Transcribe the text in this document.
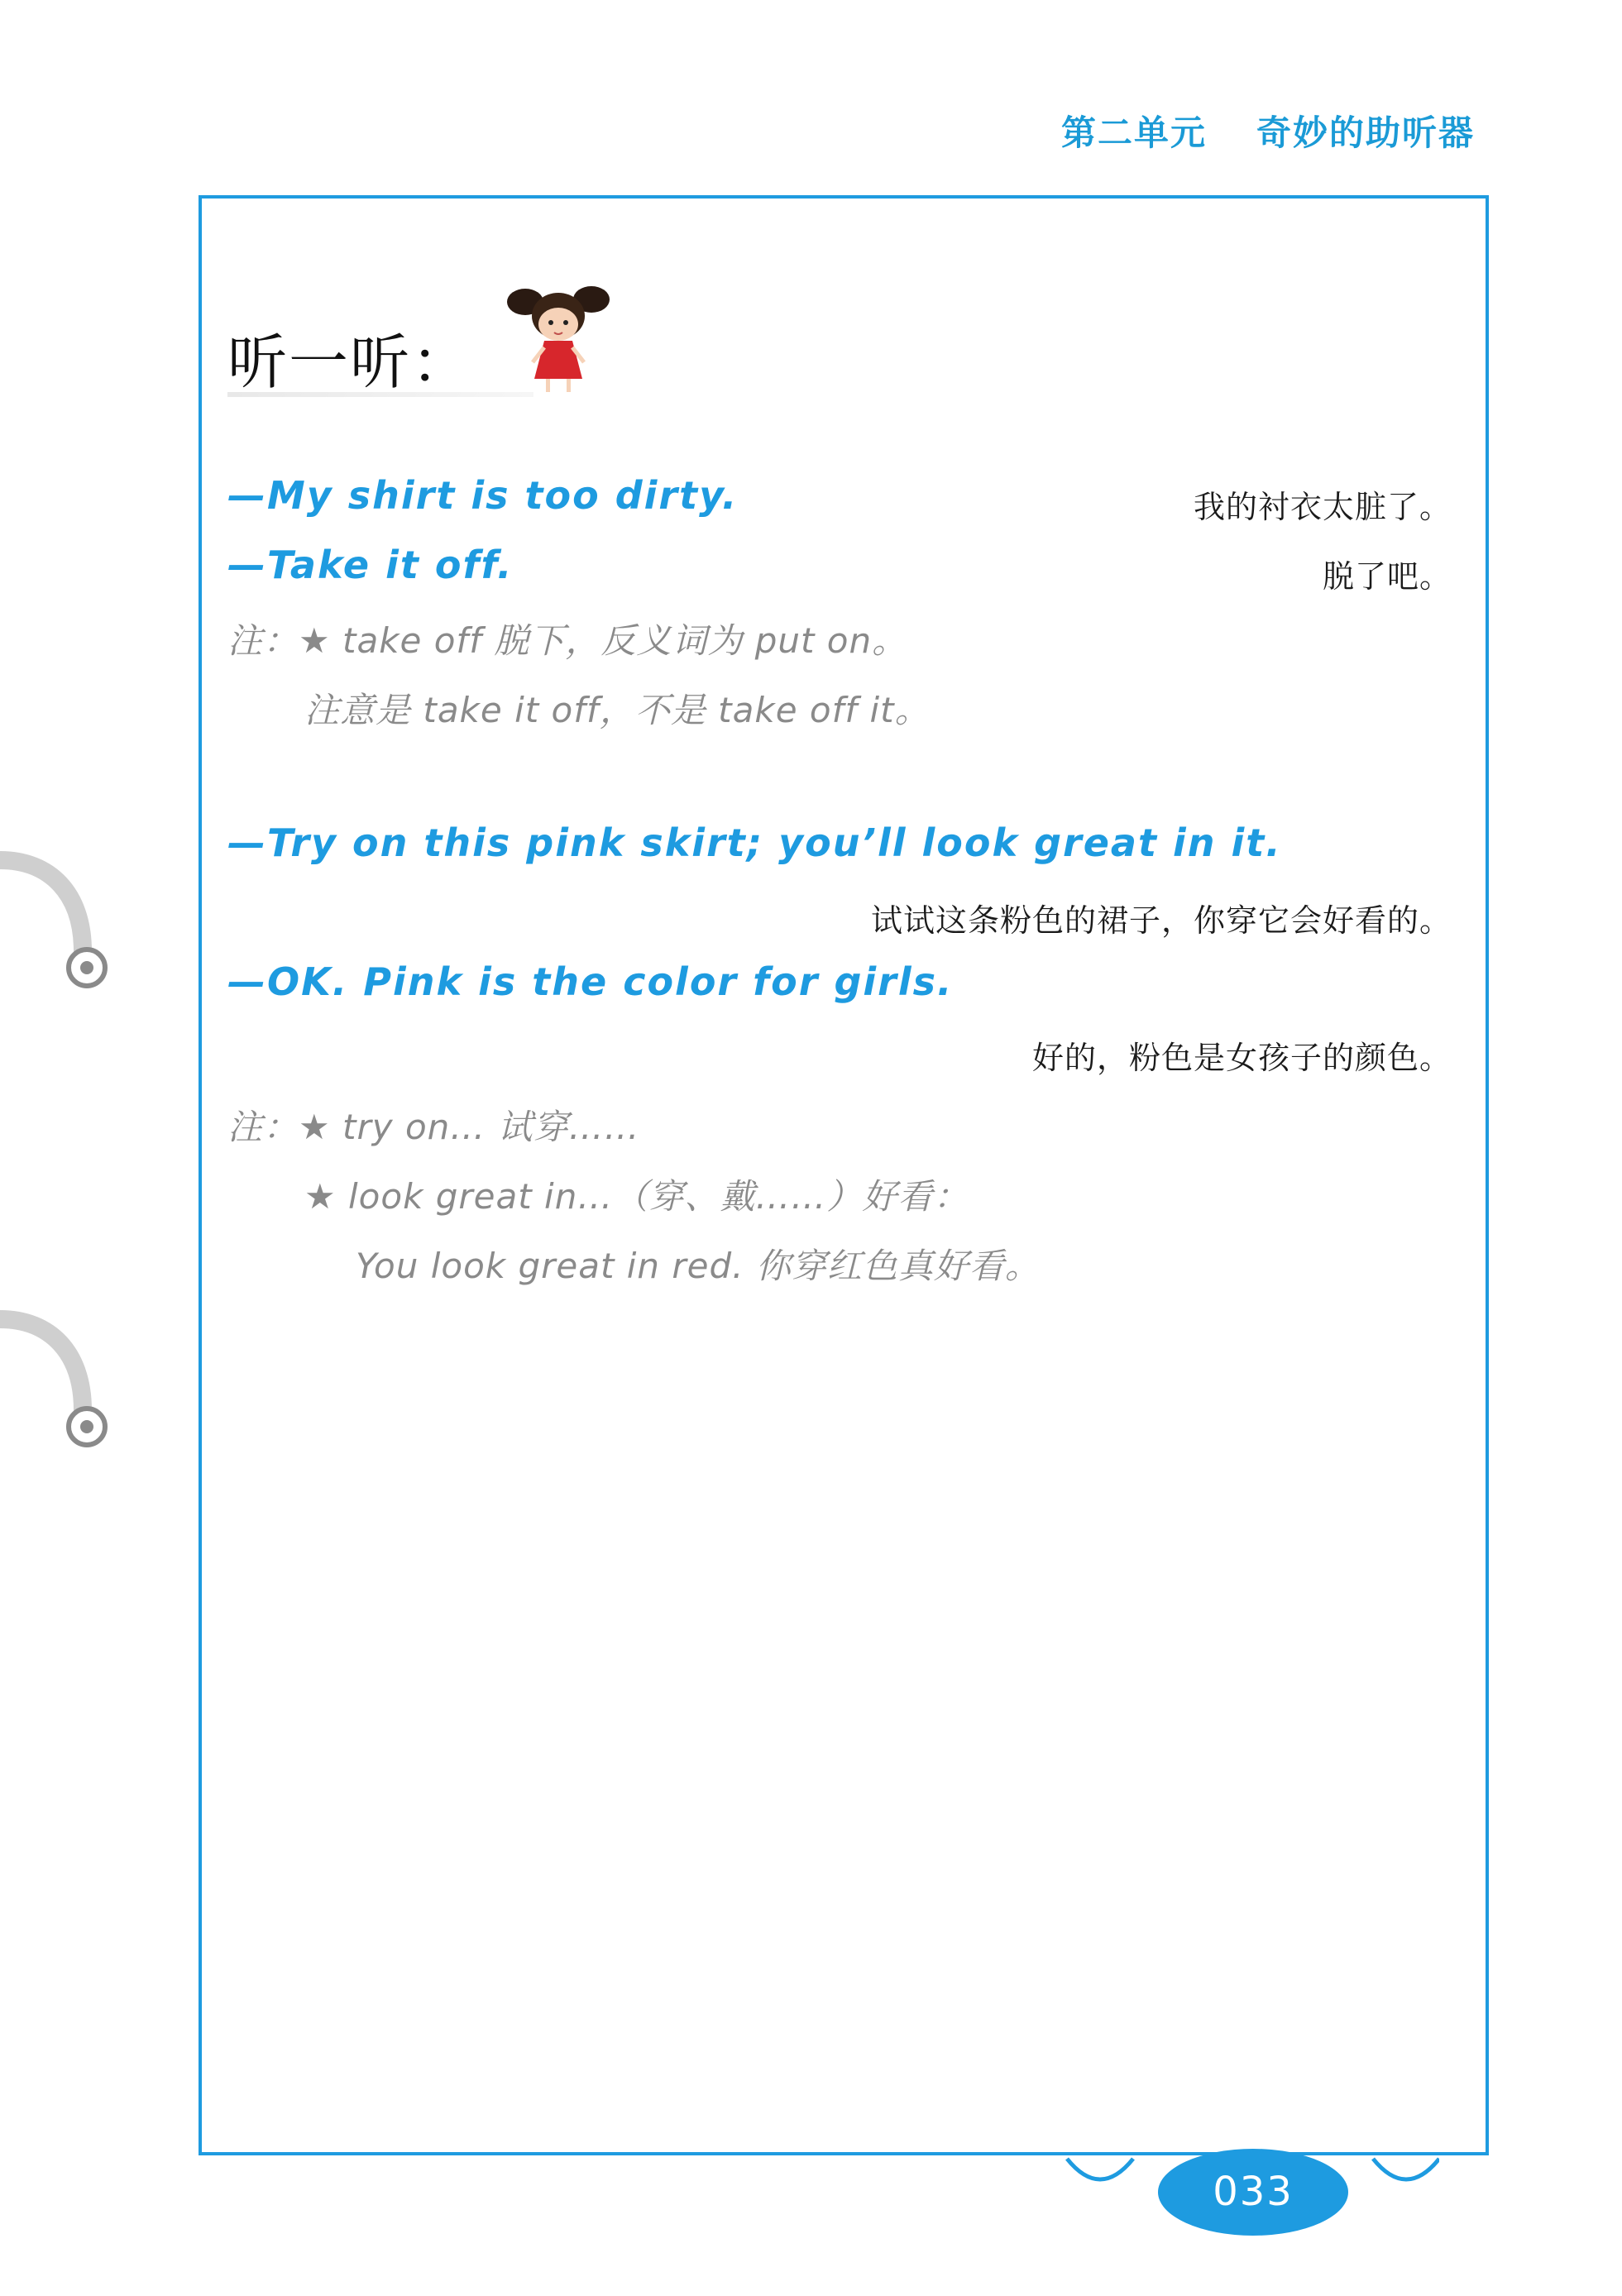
第二单元 奇妙的助听器
听一听：
—My shirt is too dirty.	我的衬衣太脏了。
—Take it off.	脱了吧。
注：★ take off 脱下，反义词为 put on。
注意是 take it off，不是 take off it。
—Try on this pink skirt; you’ll look great in it.
试试这条粉色的裙子，你穿它会好看的。
—OK. Pink is the color for girls.
好的，粉色是女孩子的颜色。
注：★ try on… 试穿……
★ look great in…（穿、戴……）好看：
You look great in red. 你穿红色真好看。
033
